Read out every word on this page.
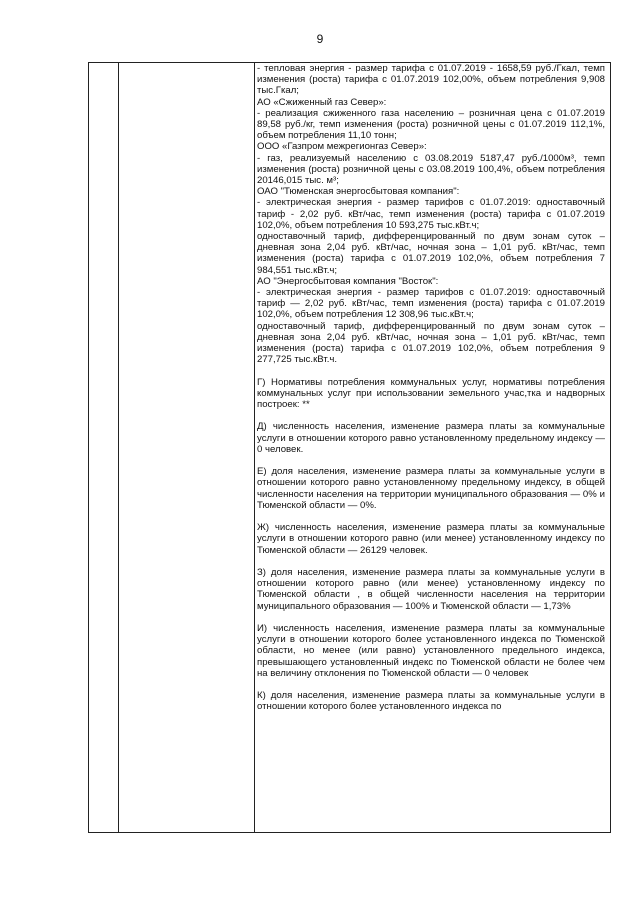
9

- тепловая энергия - размер тарифа с 01.07.2019 - 1658,59 руб./Гкал, темп изменения (роста) тарифа с 01.07.2019 102,00%, объем потребления 9,908 тыс.Гкал;

АО «Сжиженный газ Север»:

- реализация сжиженного газа населению – розничная цена с 01.07.2019 89,58 руб./кг, темп изменения (роста) розничной цены с 01.07.2019 112,1%, объем потребления 11,10 тонн;

ООО «Газпром межрегионгаз Север»:

- газ, реализуемый населению с 03.08.2019 5187,47 руб./1000м³, темп изменения (роста) розничной цены с 03.08.2019 100,4%, объем потребления 20146,015 тыс. м³;

ОАО "Тюменская энергосбытовая компания":

- электрическая энергия - размер тарифов с 01.07.2019: одноставочный тариф - 2,02 руб. кВт/час, темп изменения (роста) тарифа с 01.07.2019 102,0%, объем потребления 10 593,275 тыс.кВт.ч;

одноставочный тариф, дифференцированный по двум зонам суток – дневная зона 2,04 руб. кВт/час, ночная зона – 1,01 руб. кВт/час, темп изменения (роста) тарифа с 01.07.2019 102,0%, объем потребления 7 984,551 тыс.кВт.ч;

АО "Энергосбытовая компания "Восток":

- электрическая энергия - размер тарифов с 01.07.2019: одноставочный тариф — 2,02 руб. кВт/час, темп изменения (роста) тарифа с 01.07.2019 102,0%, объем потребления 12 308,96 тыс.кВт.ч;

одноставочный тариф, дифференцированный по двум зонам суток – дневная зона 2,04 руб. кВт/час, ночная зона – 1,01 руб. кВт/час, темп изменения (роста) тарифа с 01.07.2019 102,0%, объем потребления 9 277,725 тыс.кВт.ч.

Г) Нормативы потребления коммунальных услуг, нормативы потребления коммунальных услуг при использовании земельного учас,тка и надворных построек: **

Д) численность населения, изменение размера платы за коммунальные услуги в отношении которого равно установленному предельному индексу — 0 человек.

Е) доля населения, изменение размера платы за коммунальные услуги в отношении которого равно установленному предельному индексу, в общей численности населения на территории муниципального образования — 0% и Тюменской области — 0%.

Ж) численность населения, изменение размера платы за коммунальные услуги в отношении которого равно (или менее) установленному индексу по Тюменской области — 26129 человек.

З) доля населения, изменение размера платы за коммунальные услуги в отношении которого равно (или менее) установленному индексу по Тюменской области , в общей численности населения на территории муниципального образования — 100% и Тюменской области — 1,73%

И) численность населения, изменение размера платы за коммунальные услуги в отношении которого более установленного индекса по Тюменской области, но менее (или равно) установленного предельного индекса, превышающего установленный индекс по Тюменской области не более чем на величину отклонения по Тюменской области — 0 человек

К) доля населения, изменение размера платы за коммунальные услуги в отношении которого более установленного индекса по
